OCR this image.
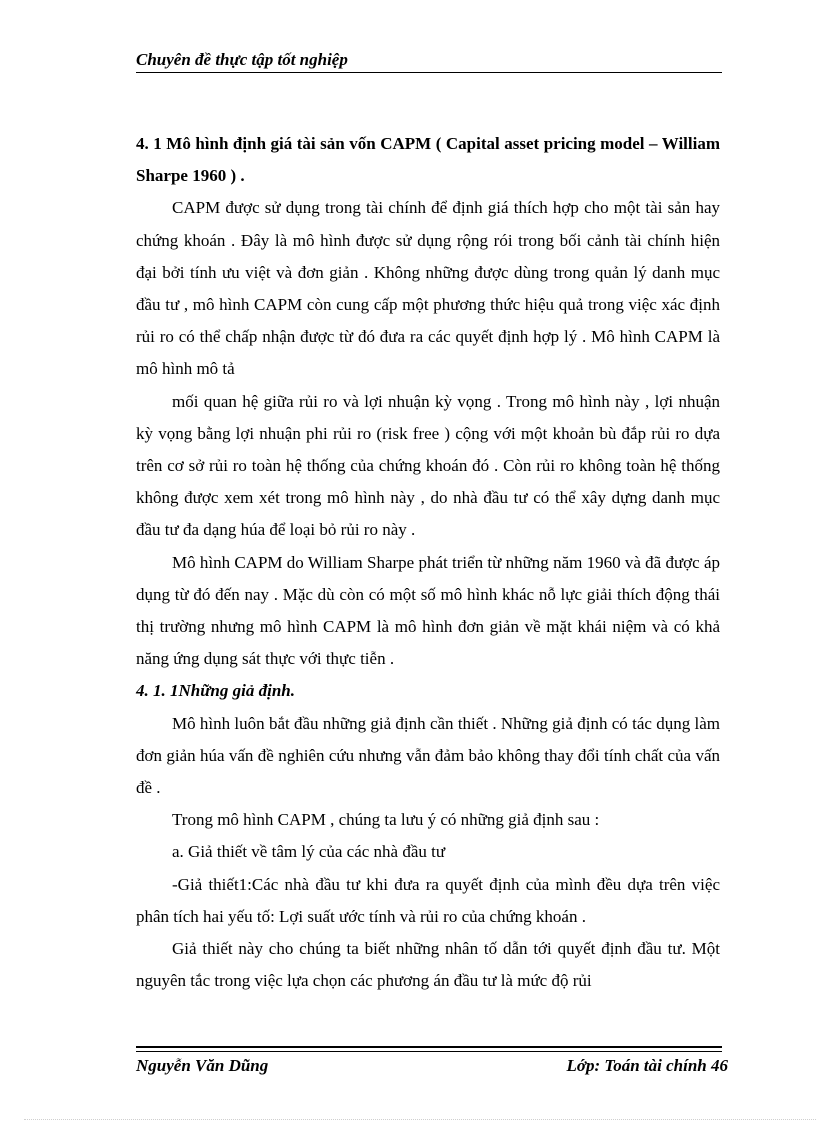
Chuyên đề thực tập tốt nghiệp

4. 1 Mô hình định giá tài sản vốn CAPM ( Capital asset pricing model – William Sharpe 1960 ) .

CAPM được sử dụng trong tài chính để định giá thích hợp cho một tài sản hay chứng khoán . Đây là mô hình được sử dụng rộng rói trong bối cảnh tài chính hiện đại bởi tính ưu việt và đơn giản . Không những được dùng trong quản lý danh mục đầu tư , mô hình CAPM còn cung cấp một phương thức hiệu quả trong việc xác định rủi ro có thể chấp nhận được từ đó đưa ra các quyết định hợp lý . Mô hình CAPM là mô hình mô tả

mối quan hệ giữa rủi ro và lợi nhuận kỳ vọng . Trong mô hình này , lợi nhuận kỳ vọng bằng lợi nhuận phi rủi ro (risk free ) cộng với một khoản bù đắp rủi ro dựa trên cơ sở rủi ro toàn hệ thống của chứng khoán đó . Còn rủi ro không toàn hệ thống không được xem xét trong mô hình này , do nhà đầu tư có thể xây dựng danh mục đầu tư đa dạng húa để loại bỏ rủi ro này .

Mô hình CAPM do William Sharpe phát triển từ những năm 1960 và đã được áp dụng từ đó đến nay . Mặc dù còn có một số mô hình khác nỗ lực giải thích động thái thị trường nhưng mô hình CAPM là mô hình đơn giản về mặt khái niệm và có khả năng ứng dụng sát thực với thực tiễn .

4. 1. 1Những giả định.

Mô hình luôn bắt đầu những giả định cần thiết . Những giả định có tác dụng làm đơn giản húa vấn đề nghiên cứu nhưng vẫn đảm bảo không thay đổi tính chất của vấn đề .

Trong mô hình CAPM , chúng ta lưu ý có những giả định sau :

a. Giả thiết về tâm lý của các nhà đầu tư

-Giả thiết1:Các nhà đầu tư khi đưa ra quyết định của mình đều dựa trên việc phân tích hai yếu tố: Lợi suất ước tính và rủi ro của chứng khoán .

Giả thiết này cho chúng ta biết những nhân tố dẫn tới quyết định đầu tư. Một nguyên tắc trong việc lựa chọn các phương án đầu tư là mức độ rủi

Nguyễn Văn Dũng	Lớp: Toán tài chính 46
